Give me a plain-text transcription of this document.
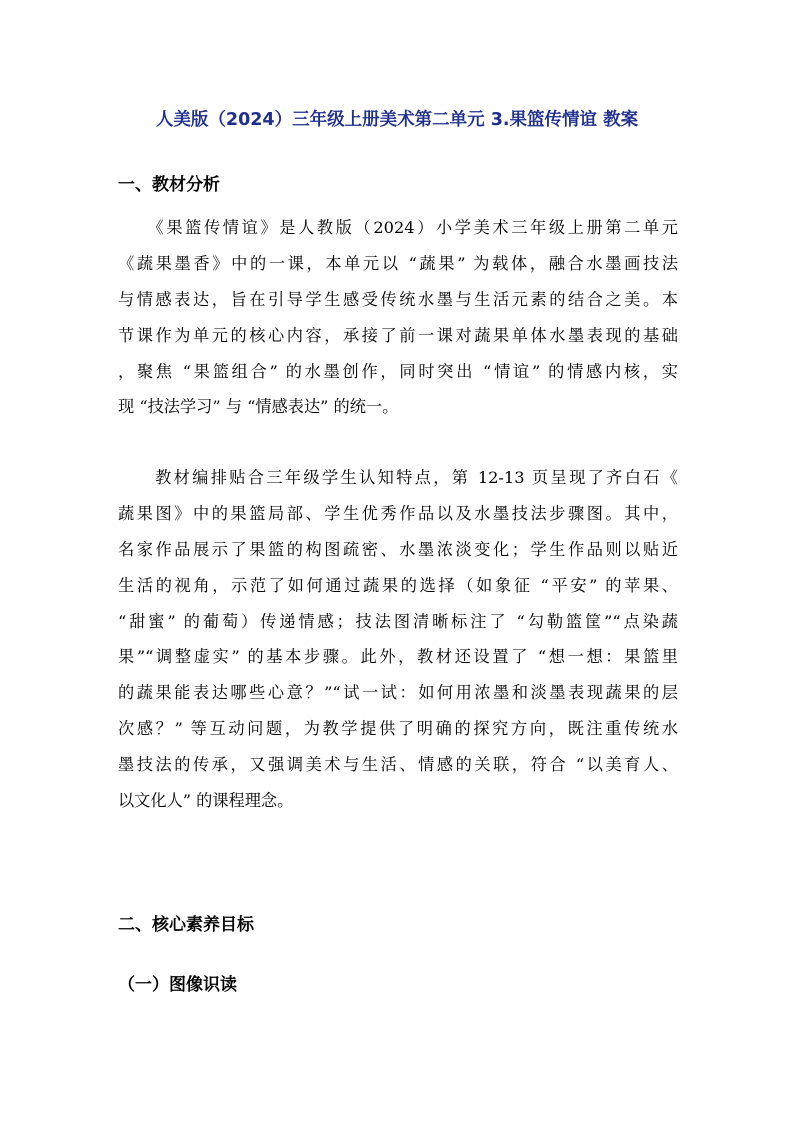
人美版（2024）三年级上册美术第二单元 3.果篮传情谊 教案
一、教材分析
　　《果篮传情谊》是人教版（2024）小学美术三年级上册第二单元
《蔬果墨香》中的一课，本单元以 “蔬果” 为载体，融合水墨画技法
与情感表达，旨在引导学生感受传统水墨与生活元素的结合之美。本
节课作为单元的核心内容，承接了前一课对蔬果单体水墨表现的基础
，聚焦 “果篮组合” 的水墨创作，同时突出 “情谊” 的情感内核，实
现 “技法学习” 与 “情感表达” 的统一。
　　教材编排贴合三年级学生认知特点，第 12-13 页呈现了齐白石《
蔬果图》中的果篮局部、学生优秀作品以及水墨技法步骤图。其中，
名家作品展示了果篮的构图疏密、水墨浓淡变化；学生作品则以贴近
生活的视角，示范了如何通过蔬果的选择（如象征 “平安” 的苹果、
“甜蜜” 的葡萄）传递情感；技法图清晰标注了 “勾勒篮筐”“点染蔬
果”“调整虚实” 的基本步骤。此外，教材还设置了 “想一想：果篮里
的蔬果能表达哪些心意？”“试一试：如何用浓墨和淡墨表现蔬果的层
次感？” 等互动问题，为教学提供了明确的探究方向，既注重传统水
墨技法的传承，又强调美术与生活、情感的关联，符合 “以美育人、
以文化人” 的课程理念。
二、核心素养目标
（一）图像识读
